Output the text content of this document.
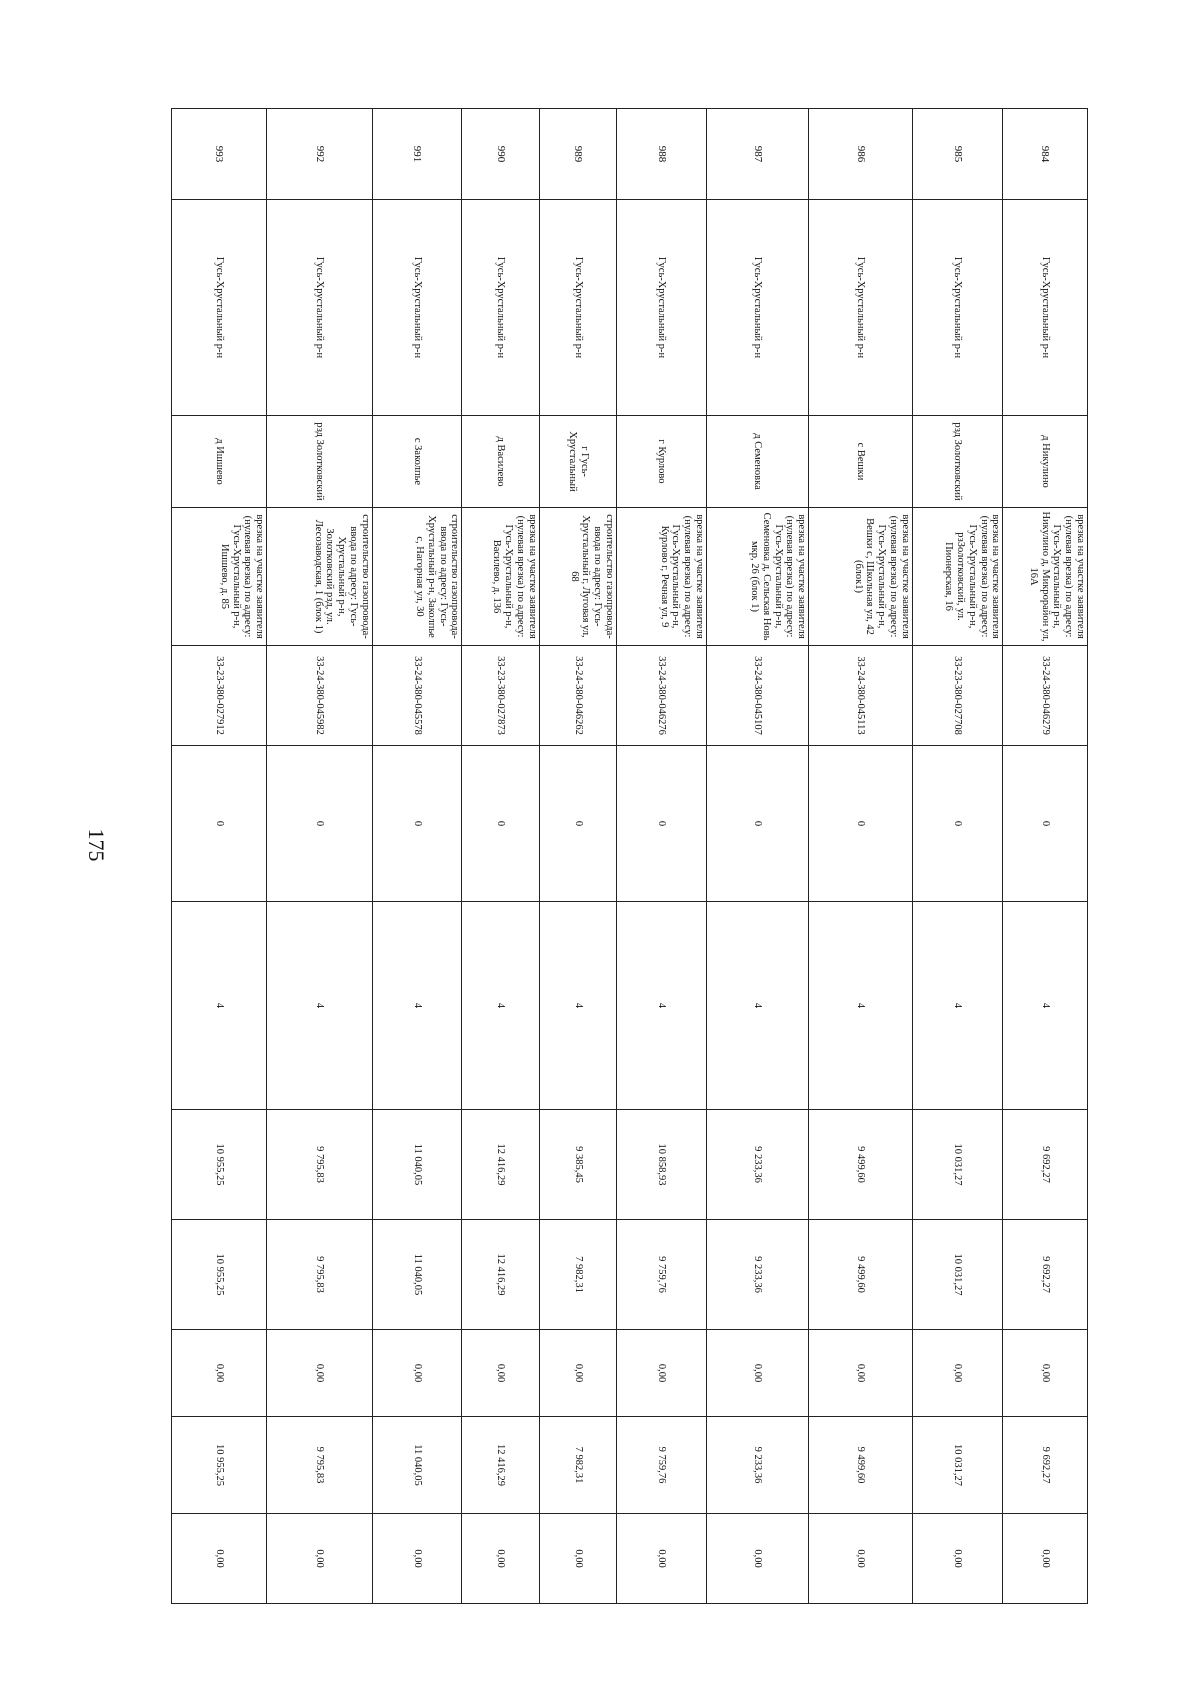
175
984	Гусь-Хрустальный р-н	д Никулино	врезка на участке заявителя (нулевая врезка) по адресу: Гусь-Хрустальный р-н, Никулино д, Микрорайон ул, 16А	33-24-380-046279	0	4	9 692,27	9 692,27	0,00	9 692,27	0,00	
985	Гусь-Хрустальный р-н	рзд Золотковский	врезка на участке заявителя (нулевая врезка) по адресу: Гусь-Хрустальный р-н, рзЗолотковский, ул. Пионерская, 16	33-23-380-027708	0	4	10 031,27	10 031,27	0,00	10 031,27	0,00	
986	Гусь-Хрустальный р-н	с Вешки	врезка на участке заявителя (нулевая врезка) по адресу: Гусь-Хрустальный р-н, Вешки с, Школьная ул, 42 (блок1)	33-24-380-045113	0	4	9 499,60	9 499,60	0,00	9 499,60	0,00	
987	Гусь-Хрустальный р-н	д Семеновка	врезка на участке заявителя (нулевая врезка) по адресу: Гусь-Хрустальный р-н, Семеновка д, Сельская Новь мкр, 26 (блок 1)	33-24-380-045107	0	4	9 233,36	9 233,36	0,00	9 233,36	0,00	
988	Гусь-Хрустальный р-н	г Курлово	врезка на участке заявителя (нулевая врезка) по адресу: Гусь-Хрустальный р-н, Курлово г, Речная ул, 9	33-24-380-046276	0	4	10 858,93	9 759,76	0,00	9 759,76	0,00	
989	Гусь-Хрустальный р-н	г Гусь-Хрустальный	строительство газопровода-ввода по адресу: Гусь-Хрустальный г, Луговая ул, 68	33-24-380-046262	0	4	9 385,45	7 982,31	0,00	7 982,31	0,00	
990	Гусь-Хрустальный р-н	д Василево	врезка на участке заявителя (нулевая врезка) по адресу: Гусь-Хрустальный р-н, Василево, д. 136	33-23-380-027873	0	4	12 416,29	12 416,29	0,00	12 416,29	0,00	
991	Гусь-Хрустальный р-н	с Заколпье	строительство газопровода-ввода по адресу: Гусь-Хрустальный р-н, Заколпье с, Нагорная ул, 30	33-24-380-045578	0	4	11 040,05	11 040,05	0,00	11 040,05	0,00	
992	Гусь-Хрустальный р-н	рзд Золотковский	строительство газопровода-ввода по адресу: Гусь-Хрустальный р-н, Золотковский рзд, ул. Лесозаводская, 1 (блок 1)	33-24-380-045982	0	4	9 795,83	9 795,83	0,00	9 795,83	0,00	
993	Гусь-Хрустальный р-н	д Ишшево	врезка на участке заявителя (нулевая врезка) по адресу: Гусь-Хрустальный р-н, Ишшево, д. 85	33-23-380-027912	0	4	10 955,25	10 955,25	0,00	10 955,25	0,00	
